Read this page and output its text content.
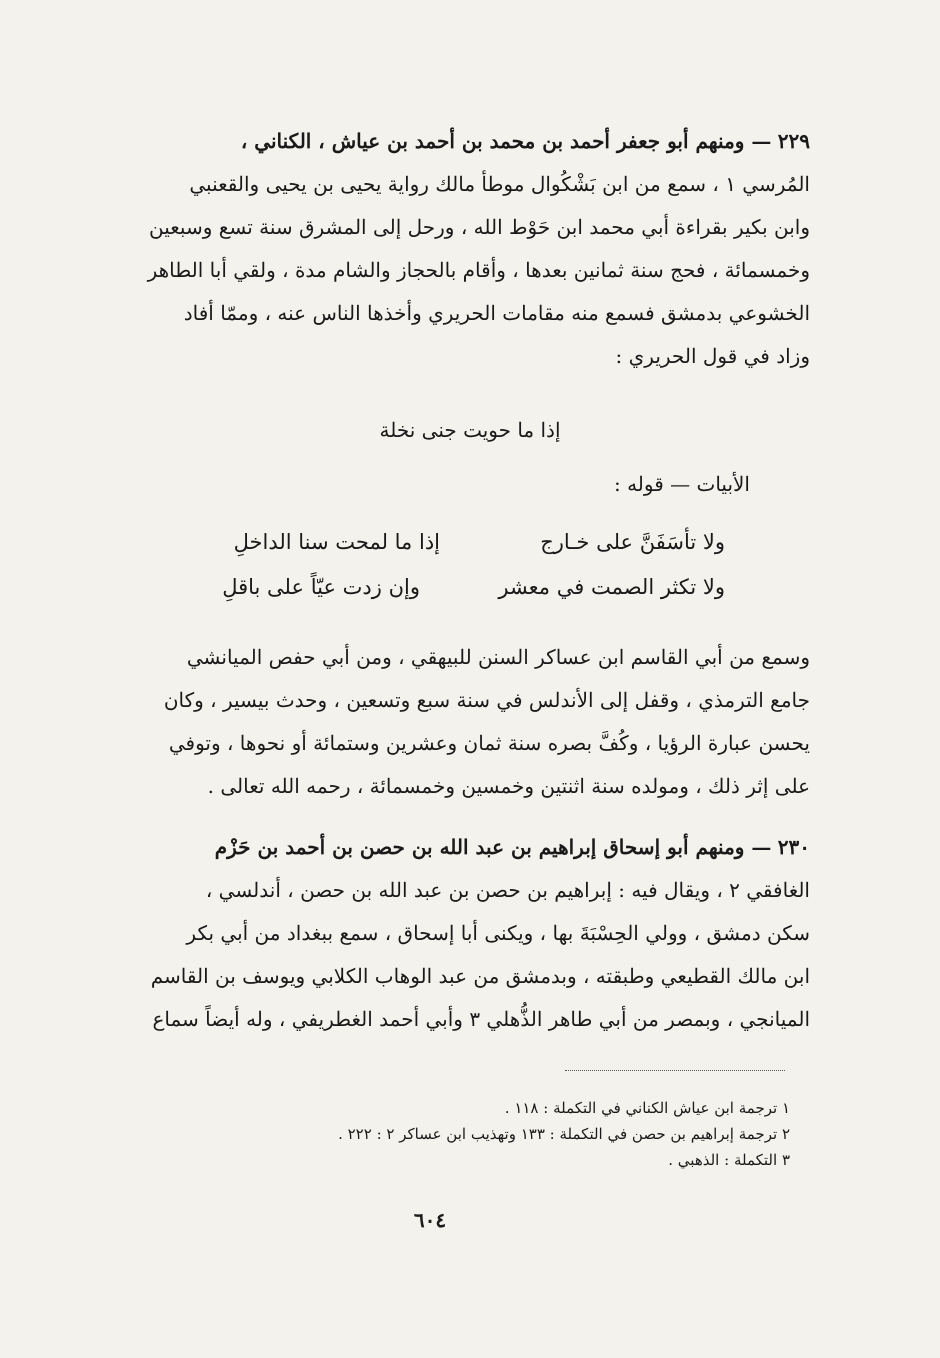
٢٢٩ — ومنهم أبو جعفر أحمد بن محمد بن أحمد بن عياش ، الكناني ،
المُرسي ١ ، سمع من ابن بَشْكُوال موطأ مالك رواية يحيى بن يحيى والقعنبي
وابن بكير بقراءة أبي محمد ابن حَوْط الله ، ورحل إلى المشرق سنة تسع وسبعين
وخمسمائة ، فحج سنة ثمانين بعدها ، وأقام بالحجاز والشام مدة ، ولقي أبا الطاهر
الخشوعي بدمشق فسمع منه مقامات الحريري وأخذها الناس عنه ، وممّا أفاد
وزاد في قول الحريري :
إذا ما حويت جنى نخلة
الأبيات — قوله :
ولا تأسَفَنَّ على خـارج
إذا ما لمحت سنا الداخلِ
ولا تكثر الصمت في معشر
وإن زدت عيّاً على باقلِ
وسمع من أبي القاسم ابن عساكر السنن للبيهقي ، ومن أبي حفص الميانشي
جامع الترمذي ، وقفل إلى الأندلس في سنة سبع وتسعين ، وحدث بيسير ، وكان
يحسن عبارة الرؤيا ، وكُفَّ بصره سنة ثمان وعشرين وستمائة أو نحوها ، وتوفي
على إثر ذلك ، ومولده سنة اثنتين وخمسين وخمسمائة ، رحمه الله تعالى .
٢٣٠ — ومنهم أبو إسحاق إبراهيم بن عبد الله بن حصن بن أحمد بن حَزْم
الغافقي ٢ ، ويقال فيه : إبراهيم بن حصن بن عبد الله بن حصن ، أندلسي ،
سكن دمشق ، وولي الحِسْبَةَ بها ، ويكنى أبا إسحاق ، سمع ببغداد من أبي بكر
ابن مالك القطيعي وطبقته ، وبدمشق من عبد الوهاب الكلابي ويوسف بن القاسم
الميانجي ، وبمصر من أبي طاهر الذُّهلي ٣ وأبي أحمد الغطريفي ، وله أيضاً سماع
١ ترجمة ابن عياش الكناني في التكملة : ١١٨ .
٢ ترجمة إبراهيم بن حصن في التكملة : ١٣٣ وتهذيب ابن عساكر ٢ : ٢٢٢ .
٣ التكملة : الذهبي .
٦٠٤
